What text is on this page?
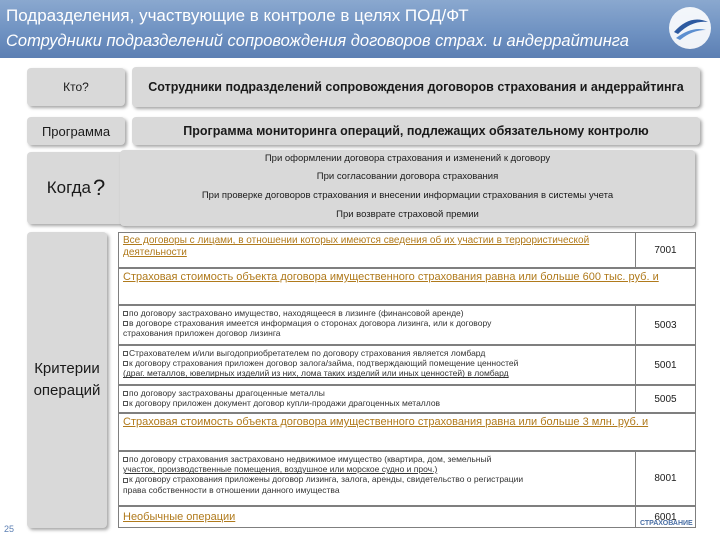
Подразделения, участвующие в контроле в целях ПОД/ФТ
Сотрудники подразделений сопровождения договоров страх. и андеррайтинга
Кто?	Сотрудники подразделений сопровождения договоров страхования и андеррайтинга
Программа	Программа мониторинга операций, подлежащих обязательному контролю
Когда ?
При оформлении договора страхования и изменений к договору
При согласовании договора страхования
При проверке договоров страхования и внесении информации страхования в системы учета
При возврате страховой премии
Критерии
операций
Все договоры с лицами, в отношении которых имеются сведения об их участии в террористической деятельности	7001
Страховая стоимость объекта договора имущественного страхования равна или больше 600 тыс. руб. и
по договору застраховано имущество, находящееся в лизинге (финансовой аренде)
в договоре страхования имеется информация о сторонах договора лизинга, или к договору
страхования приложен договор лизинга
5003
Страхователем и/или выгодоприобретателем по договору страхования является ломбард
к договору страхования приложен договор залога/займа, подтверждающий помещение ценностей
(драг. металлов, ювелирных изделий из них, лома таких изделий или иных ценностей) в ломбард
5001
по договору застрахованы драгоценные металлы
к договору приложен документ договор купли-продажи драгоценных металлов	5005
Страховая стоимость объекта договора имущественного страхования равна или больше 3 млн. руб. и
по договору страхования застраховано недвижимое имущество (квартира, дом, земельный
участок, производственные помещения, воздушное или морское судно и проч.)
к договору страхования приложены договор лизинга, залога, аренды, свидетельство о регистрации
права собственности в отношении данного имущества
8001
Необычные операции	6001
25
СТРАХОВАНИЕ
